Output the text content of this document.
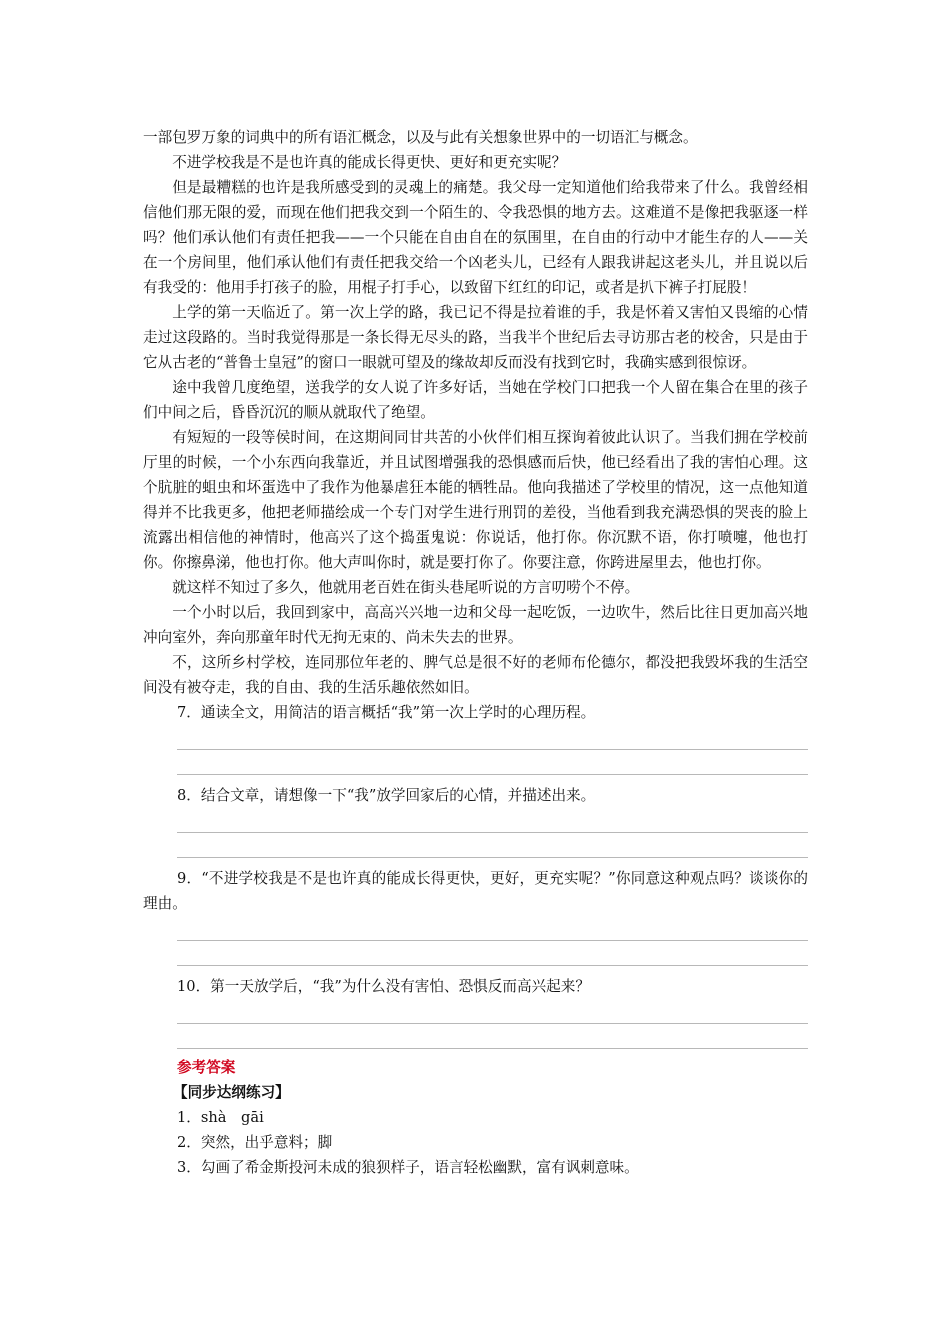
一部包罗万象的词典中的所有语汇概念，以及与此有关想象世界中的一切语汇与概念。

不进学校我是不是也许真的能成长得更快、更好和更充实呢？

但是最糟糕的也许是我所感受到的灵魂上的痛楚。我父母一定知道他们给我带来了什么。我曾经相信他们那无限的爱，而现在他们把我交到一个陌生的、令我恐惧的地方去。这难道不是像把我驱逐一样吗？他们承认他们有责任把我——一个只能在自由自在的氛围里，在自由的行动中才能生存的人——关在一个房间里，他们承认他们有责任把我交给一个凶老头儿，已经有人跟我讲起这老头儿，并且说以后有我受的：他用手打孩子的脸，用棍子打手心，以致留下红红的印记，或者是扒下裤子打屁股！

上学的第一天临近了。第一次上学的路，我已记不得是拉着谁的手，我是怀着又害怕又畏缩的心情走过这段路的。当时我觉得那是一条长得无尽头的路，当我半个世纪后去寻访那古老的校舍，只是由于它从古老的“普鲁士皇冠”的窗口一眼就可望及的缘故却反而没有找到它时，我确实感到很惊讶。

途中我曾几度绝望，送我学的女人说了许多好话，当她在学校门口把我一个人留在集合在里的孩子们中间之后，昏昏沉沉的顺从就取代了绝望。

有短短的一段等侯时间，在这期间同甘共苦的小伙伴们相互探询着彼此认识了。当我们拥在学校前厅里的时候，一个小东西向我靠近，并且试图增强我的恐惧感而后快，他已经看出了我的害怕心理。这个肮脏的蛆虫和坏蛋选中了我作为他暴虐狂本能的牺牲品。他向我描述了学校里的情况，这一点他知道得并不比我更多，他把老师描绘成一个专门对学生进行刑罚的差役，当他看到我充满恐惧的哭丧的脸上流露出相信他的神情时，他高兴了这个捣蛋鬼说：你说话，他打你。你沉默不语，你打喷嚏，他也打你。你擦鼻涕，他也打你。他大声叫你时，就是要打你了。你要注意，你跨进屋里去，他也打你。

就这样不知过了多久，他就用老百姓在街头巷尾听说的方言叨唠个不停。

一个小时以后，我回到家中，高高兴兴地一边和父母一起吃饭，一边吹牛，然后比往日更加高兴地冲向室外，奔向那童年时代无拘无束的、尚未失去的世界。

不，这所乡村学校，连同那位年老的、脾气总是很不好的老师布伦德尔，都没把我毁坏我的生活空间没有被夺走，我的自由、我的生活乐趣依然如旧。

7．通读全文，用简洁的语言概括“我”第一次上学时的心理历程。

8．结合文章，请想像一下“我”放学回家后的心情，并描述出来。

9．“不进学校我是不是也许真的能成长得更快，更好，更充实呢？”你同意这种观点吗？谈谈你的理由。

10．第一天放学后，“我”为什么没有害怕、恐惧反而高兴起来？

参考答案
【同步达纲练习】

1．shà　gāi

2．突然，出乎意料；脚

3．勾画了希金斯投河未成的狼狈样子，语言轻松幽默，富有讽刺意味。
